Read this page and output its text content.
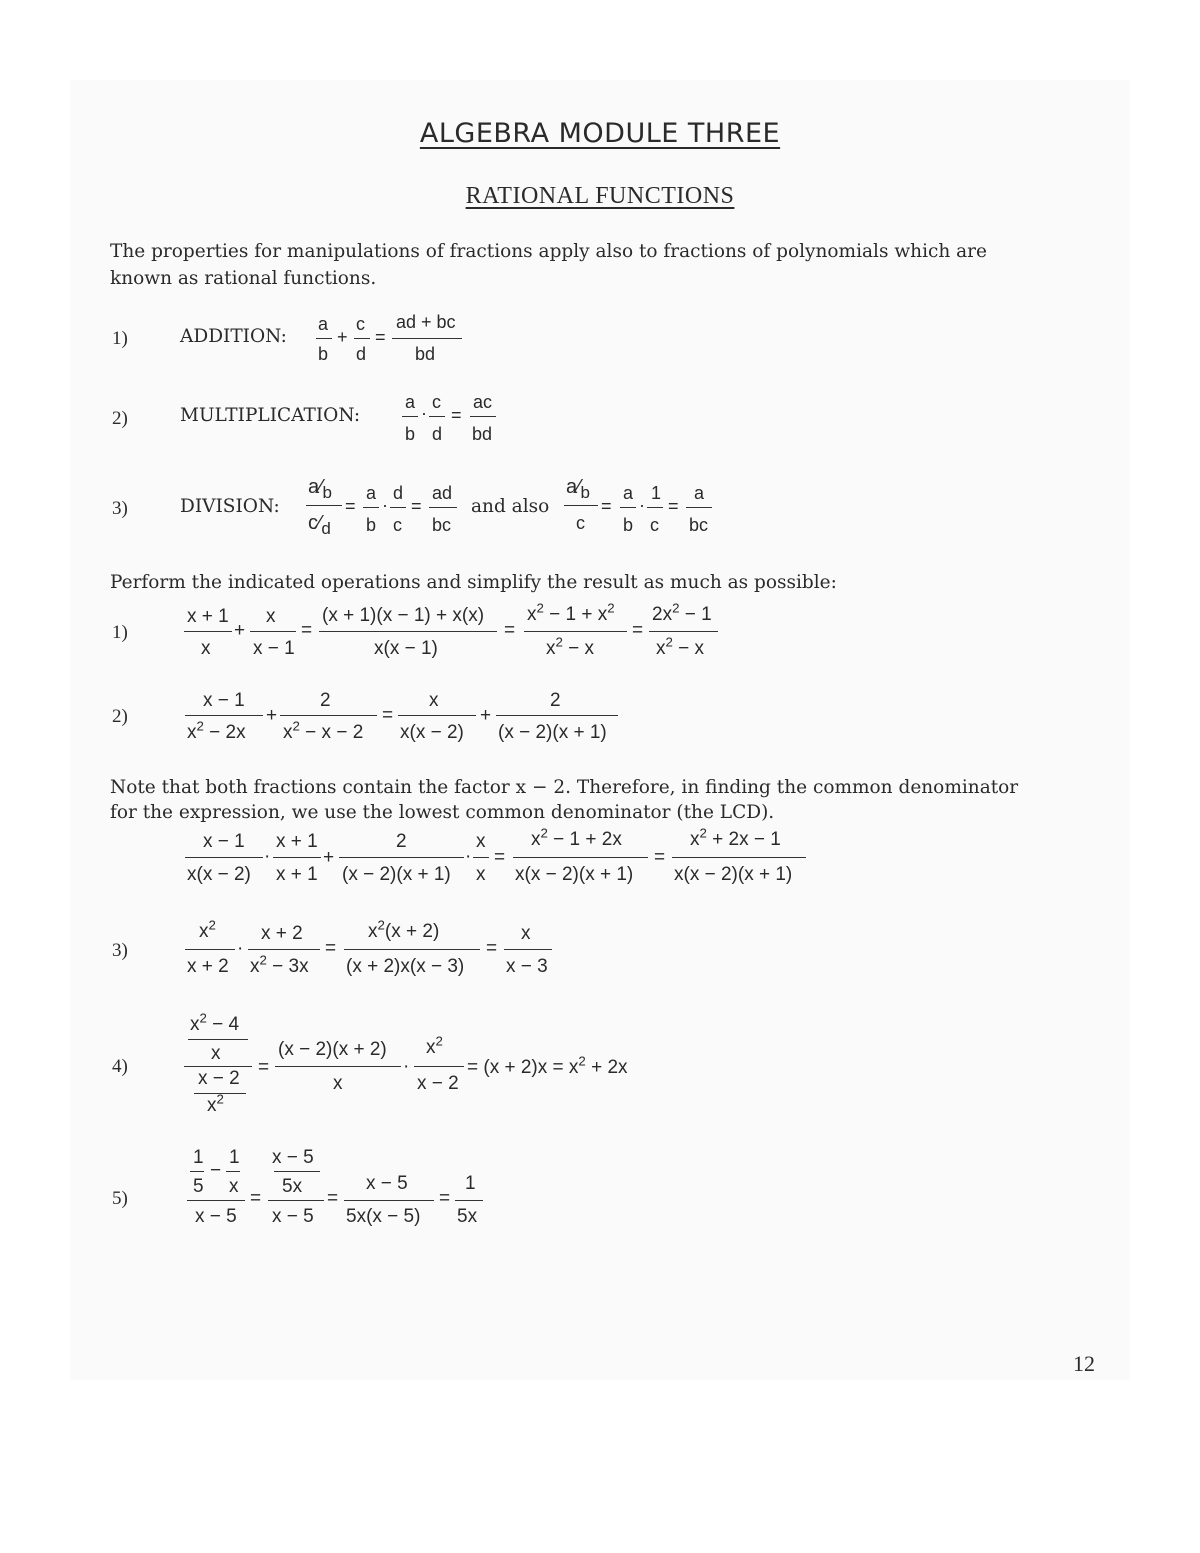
ALGEBRA MODULE THREE
RATIONAL FUNCTIONS
The properties for manipulations of fractions apply also to fractions of polynomials which are
known as rational functions.
1)	ADDITION:
a
b
+
c
d
=
ad + bc
bd
2)	MULTIPLICATION:
a
b
·
c
d
=
ac
bd
3)	DIVISION:
$a⁄_b$
$c⁄_d$
=
a
b
·
d
c
=
ad
bc
and also
$a⁄_b$
c
=
a
b
·
1
c
=
a
bc
Perform the indicated operations and simplify the result as much as possible:
1)
x + 1
x
+
x
x − 1
=
(x + 1)(x − 1) + x(x)
x(x − 1)
=
$x^2 - 1 + x^2$
$x^2 - x$
=
$2x^2 - 1$
$x^2 - x$
2)
x − 1
$x^2 - 2x$
+
2
$x^2 - x - 2$
=
x
x(x − 2)
+
2
(x − 2)(x + 1)
Note that both fractions contain the factor x − 2. Therefore, in finding the common denominator
for the expression, we use the lowest common denominator (the LCD).
x − 1
x(x − 2)
·
x + 1
x + 1
+
2
(x − 2)(x + 1)
·
x
x
=
$x^2 - 1 + 2x$
x(x − 2)(x + 1)
=
$x^2 + 2x - 1$
x(x − 2)(x + 1)
3)
$x^2$
x + 2
·
x + 2
$x^2 - 3x$
=
$x^2(x + 2)$
(x + 2)x(x − 3)
=
x
x − 3
4)
$x^2 - 4$
x
x − 2
$x^2$
=
(x − 2)(x + 2)
x
·
$x^2$
x − 2
= $(x + 2)x = x^2 + 2x$
5)
1
5
−
1
x
x − 5
=
x − 5
5x
x − 5
=
x − 5
5x(x − 5)
=
1
5x
12
